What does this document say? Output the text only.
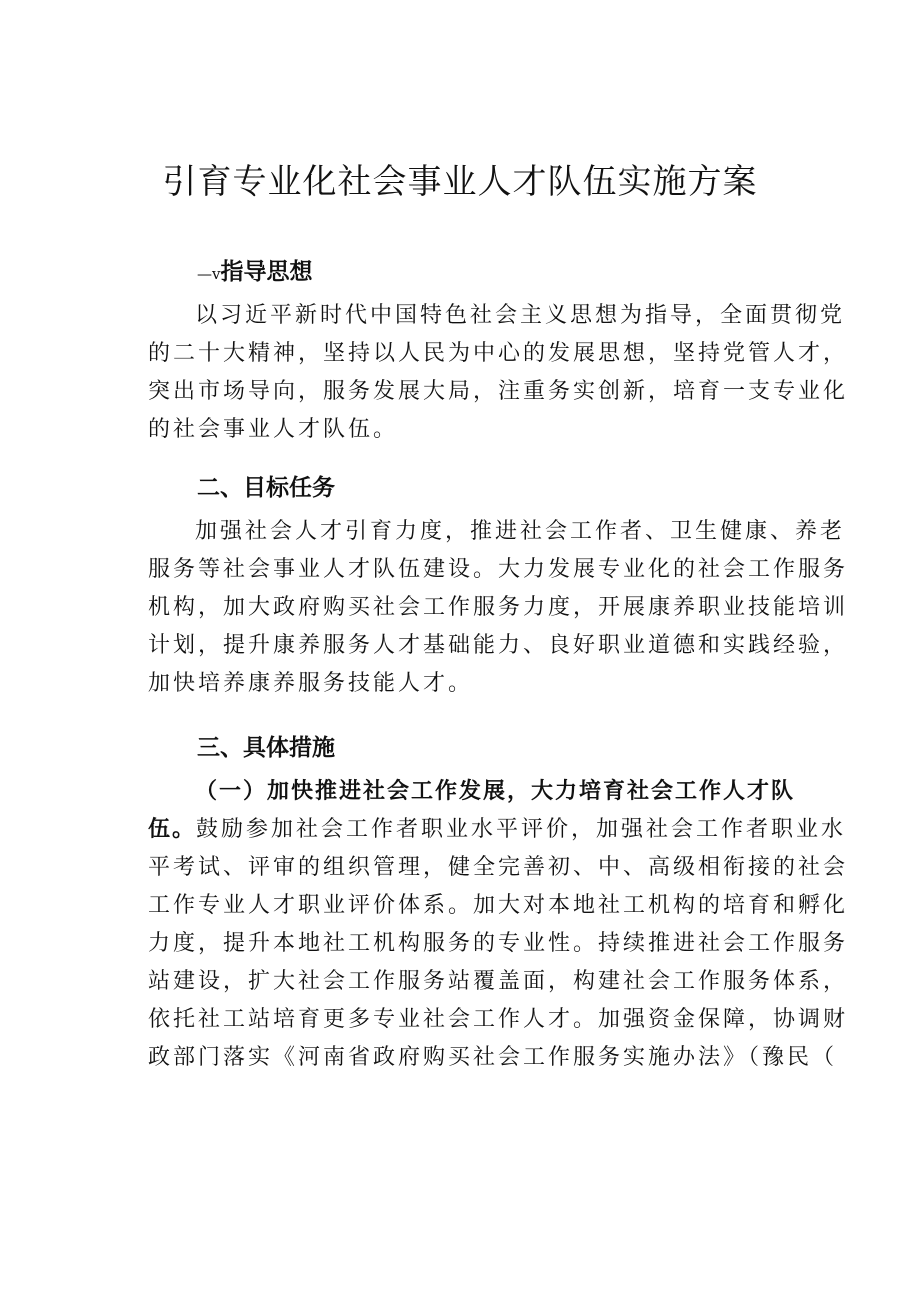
引育专业化社会事业人才队伍实施方案
—v指导思想
以习近平新时代中国特色社会主义思想为指导，全面贯彻党
的二十大精神，坚持以人民为中心的发展思想，坚持党管人才，
突出市场导向，服务发展大局，注重务实创新，培育一支专业化
的社会事业人才队伍。
二、目标任务
加强社会人才引育力度，推进社会工作者、卫生健康、养老
服务等社会事业人才队伍建设。大力发展专业化的社会工作服务
机构，加大政府购买社会工作服务力度，开展康养职业技能培训
计划，提升康养服务人才基础能力、良好职业道德和实践经验，
加快培养康养服务技能人才。
三、具体措施
（一）加快推进社会工作发展，大力培育社会工作人才队
伍。鼓励参加社会工作者职业水平评价，加强社会工作者职业水
平考试、评审的组织管理，健全完善初、中、高级相衔接的社会
工作专业人才职业评价体系。加大对本地社工机构的培育和孵化
力度，提升本地社工机构服务的专业性。持续推进社会工作服务
站建设，扩大社会工作服务站覆盖面，构建社会工作服务体系，
依托社工站培育更多专业社会工作人才。加强资金保障，协调财
政部门落实《河南省政府购买社会工作服务实施办法》（豫民（
